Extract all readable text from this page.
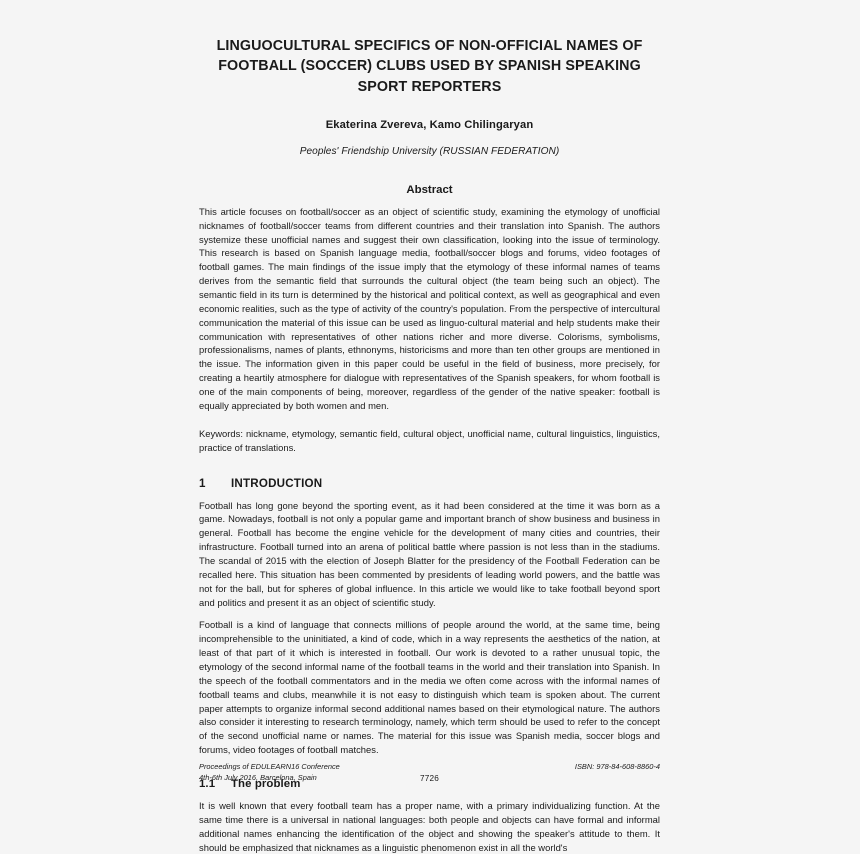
LINGUOCULTURAL SPECIFICS OF NON-OFFICIAL NAMES OF FOOTBALL (SOCCER) CLUBS USED BY SPANISH SPEAKING SPORT REPORTERS

Ekaterina Zvereva, Kamo Chilingaryan

Peoples' Friendship University (RUSSIAN FEDERATION)

Abstract

This article focuses on football/soccer as an object of scientific study, examining the etymology of unofficial nicknames of football/soccer teams from different countries and their translation into Spanish. The authors systemize these unofficial names and suggest their own classification, looking into the issue of terminology. This research is based on Spanish language media, football/soccer blogs and forums, video footages of football games. The main findings of the issue imply that the etymology of these informal names of teams derives from the semantic field that surrounds the cultural object (the team being such an object). The semantic field in its turn is determined by the historical and political context, as well as geographical and even economic realities, such as the type of activity of the country's population. From the perspective of intercultural communication the material of this issue can be used as linguo-cultural material and help students make their communication with representatives of other nations richer and more diverse. Colorisms, symbolisms, professionalisms, names of plants, ethnonyms, historicisms and more than ten other groups are mentioned in the issue. The information given in this paper could be useful in the field of business, more precisely, for creating a heartily atmosphere for dialogue with representatives of the Spanish speakers, for whom football is one of the main components of being, moreover, regardless of the gender of the native speaker: football is equally appreciated by both women and men.

Keywords: nickname, etymology, semantic field, cultural object, unofficial name, cultural linguistics, linguistics, practice of translations.

1	INTRODUCTION

Football has long gone beyond the sporting event, as it had been considered at the time it was born as a game. Nowadays, football is not only a popular game and important branch of show business and business in general. Football has become the engine vehicle for the development of many cities and countries, their infrastructure. Football turned into an arena of political battle where passion is not less than in the stadiums. The scandal of 2015 with the election of Joseph Blatter for the presidency of the Football Federation can be recalled here. This situation has been commented by presidents of leading world powers, and the battle was not for the ball, but for spheres of global influence. In this article we would like to take football beyond sport and politics and present it as an object of scientific study.

Football is a kind of language that connects millions of people around the world, at the same time, being incomprehensible to the uninitiated, a kind of code, which in a way represents the aesthetics of the nation, at least of that part of it which is interested in football. Our work is devoted to a rather unusual topic, the etymology of the second informal name of the football teams in the world and their translation into Spanish. In the speech of the football commentators and in the media we often come across with the informal names of football teams and clubs, meanwhile it is not easy to distinguish which team is spoken about. The current paper attempts to organize informal second additional names based on their etymological nature. The authors also consider it interesting to research terminology, namely, which term should be used to refer to the concept of the second unofficial name or names. The material for this issue was Spanish media, soccer blogs and forums, video footages of football matches.

1.1	The problem

It is well known that every football team has a proper name, with a primary individualizing function. At the same time there is a universal in national languages: both people and objects can have formal and informal additional names enhancing the identification of the object and showing the speaker's attitude to them. It should be emphasized that nicknames as a linguistic phenomenon exist in all the world's

Proceedings of EDULEARN16 Conference
4th-6th July 2016, Barcelona, Spain	7726
ISBN: 978-84-608-8860-4
